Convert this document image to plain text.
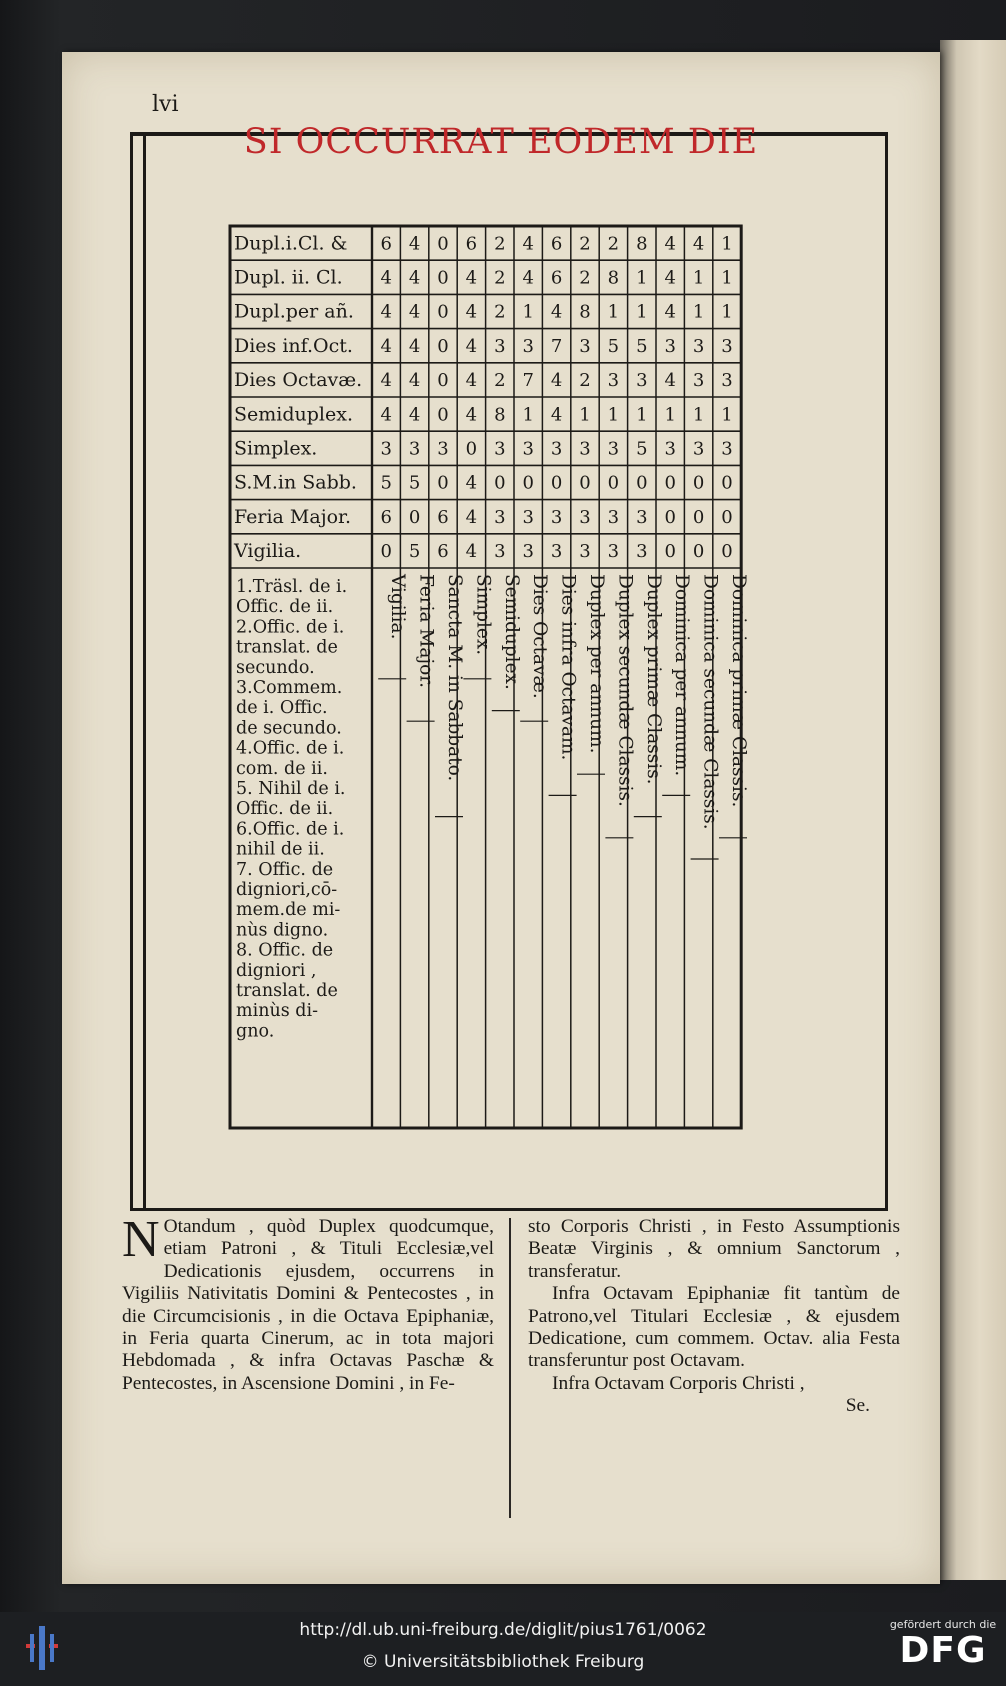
lvi
SI OCCURRAT EODEM DIE
Dupl.i.Cl. & 6 4 0 6 2 4 6 2 2 8 4 4 1
Dupl. ii. Cl. 4 4 0 4 2 4 6 2 8 1 4 1 1
Dupl.per añ. 4 4 0 4 2 1 4 8 1 1 4 1 1
Dies inf.Oct. 4 4 0 4 3 3 7 3 5 5 3 3 3
Dies Octavæ. 4 4 0 4 2 7 4 2 3 3 4 3 3
Semiduplex. 4 4 0 4 8 1 4 1 1 1 1 1 1
Simplex.	3 3 3 0 3 3 3 3 3 5 3 3 3
S.M.in Sabb. 5 5 0 4 0 0 0 0 0 0 0 0 0
Feria Major. 6 0 6 4 3 3 3 3 3 3 0 0 0
Vigilia.	0 5 6 4 3 3 3 3 3 3 0 0 0
Vigilia. Feria Major. Sancta M. in Sabbato. Simplex. Semiduplex. Dies Octavæ. Dies infra Octavam. Duplex per annum. Duplex secundæ Classis. Duplex primæ Classis. Dominica per annum. Dominica secundæ Classis. Dominica primæ Classis.
1.Träsl. de i.
Offic. de ii.
2.Offic. de i.
translat. de
secundo.
3.Commem.
de i. Offic.
de secundo.
4.Offic. de i.
com. de ii.
5. Nihil de i.
Offic. de ii.
6.Offic. de i.
nihil de ii.
7. Offic. de
digniori,cō-
mem.de mi-
nùs digno.
8. Offic. de
digniori ,
translat. de
minùs di-
gno.
N Otandum , quòd Duplex quodcumque, etiam Patroni , & Tituli Ecclesiæ,vel Dedicationis ejusdem, occurrens in Vigiliis Nativitatis Domini & Pentecostes , in die Circumcisionis , in die Octava Epiphaniæ, in Feria quarta Cinerum, ac in tota majori Hebdomada , & infra Octavas Paschæ & Pentecostes, in Ascensione Domini , in Fe-

sto Corporis Christi , in Festo Assumptionis Beatæ Virginis , & omnium Sanctorum , transferatur.

Infra Octavam Epiphaniæ fit tantùm de Patrono,vel Titulari Ecclesiæ , & ejusdem Dedicatione, cum commem. Octav. alia Festa transferuntur post Octavam.

Infra Octavam Corporis Christi ,

Se.

http://dl.ub.uni-freiburg.de/diglit/pius1761/0062
© Universitätsbibliothek Freiburg
gefördert durch die
DFG
